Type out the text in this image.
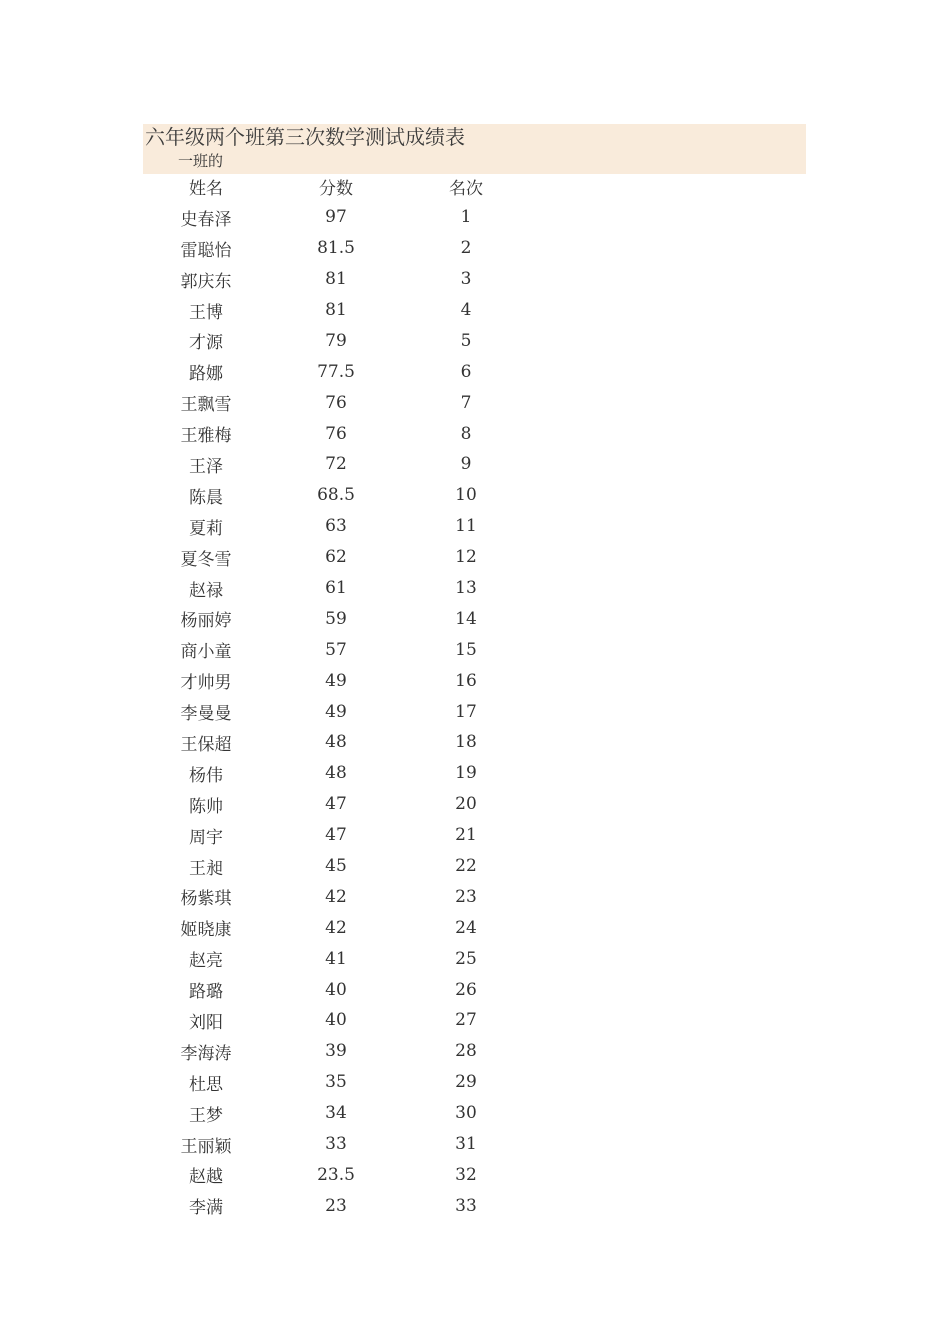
六年级两个班第三次数学测试成绩表
一班的
姓名	分数	名次
史春泽	97	1
雷聪怡	81.5	2
郭庆东	81	3
王博	81	4
才源	79	5
路娜	77.5	6
王飘雪	76	7
王雅梅	76	8
王泽	72	9
陈晨	68.5	10
夏莉	63	11
夏冬雪	62	12
赵禄	61	13
杨丽婷	59	14
商小童	57	15
才帅男	49	16
李曼曼	49	17
王保超	48	18
杨伟	48	19
陈帅	47	20
周宇	47	21
王昶	45	22
杨紫琪	42	23
姬晓康	42	24
赵亮	41	25
路璐	40	26
刘阳	40	27
李海涛	39	28
杜思	35	29
王梦	34	30
王丽颖	33	31
赵越	23.5	32
李满	23	33
